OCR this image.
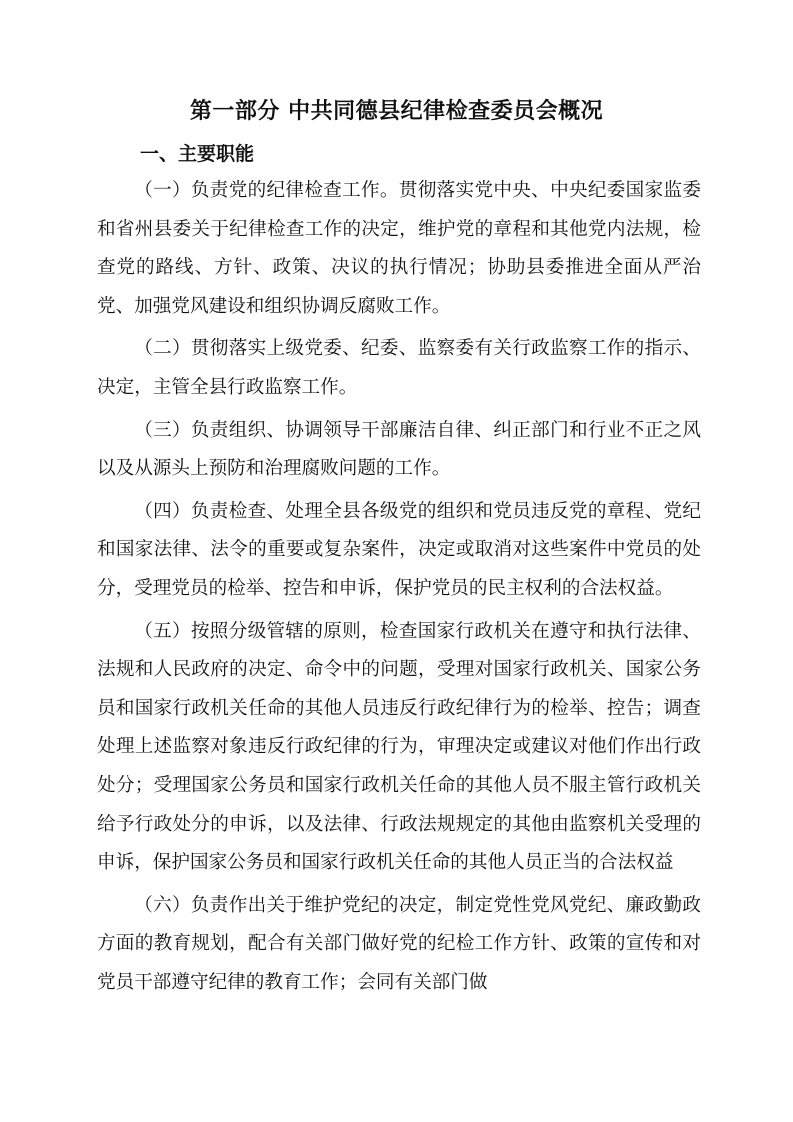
第一部分 中共同德县纪律检查委员会概况
一、主要职能

（一）负责党的纪律检查工作。贯彻落实党中央、中央纪委国家监委和省州县委关于纪律检查工作的决定，维护党的章程和其他党内法规，检查党的路线、方针、政策、决议的执行情况；协助县委推进全面从严治党、加强党风建设和组织协调反腐败工作。

（二）贯彻落实上级党委、纪委、监察委有关行政监察工作的指示、决定，主管全县行政监察工作。

（三）负责组织、协调领导干部廉洁自律、纠正部门和行业不正之风以及从源头上预防和治理腐败问题的工作。

（四）负责检查、处理全县各级党的组织和党员违反党的章程、党纪和国家法律、法令的重要或复杂案件，决定或取消对这些案件中党员的处分，受理党员的检举、控告和申诉，保护党员的民主权利的合法权益。

（五）按照分级管辖的原则，检查国家行政机关在遵守和执行法律、法规和人民政府的决定、命令中的问题，受理对国家行政机关、国家公务员和国家行政机关任命的其他人员违反行政纪律行为的检举、控告；调查处理上述监察对象违反行政纪律的行为，审理决定或建议对他们作出行政处分；受理国家公务员和国家行政机关任命的其他人员不服主管行政机关给予行政处分的申诉，以及法律、行政法规规定的其他由监察机关受理的申诉，保护国家公务员和国家行政机关任命的其他人员正当的合法权益

（六）负责作出关于维护党纪的决定，制定党性党风党纪、廉政勤政方面的教育规划，配合有关部门做好党的纪检工作方针、政策的宣传和对党员干部遵守纪律的教育工作；会同有关部门做
